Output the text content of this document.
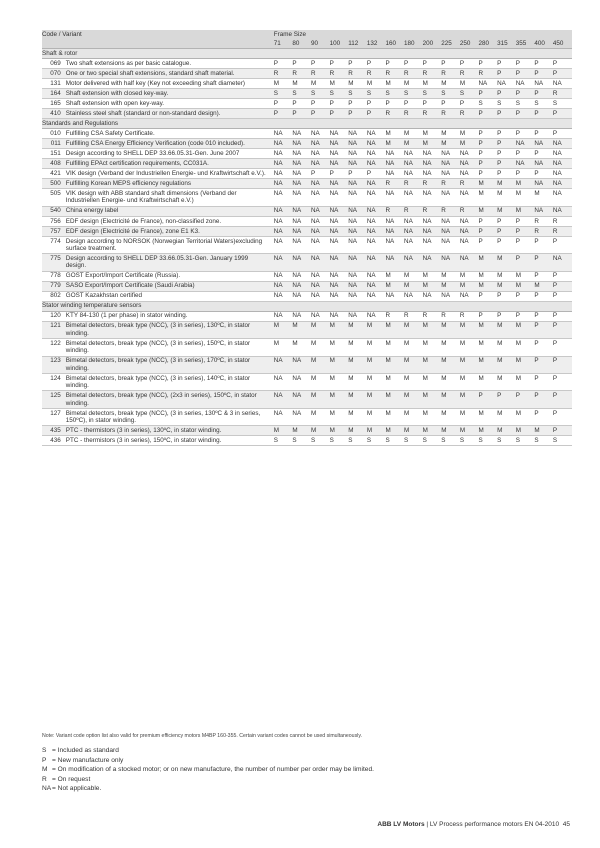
Code / Variant		Frame Size															
		71	80	90	100	112	132	160	180	200	225	250	280	315	355	400	450
Shaft & rotor																	
069	Two shaft extensions as per basic catalogue.	P	P	P	P	P	P	P	P	P	P	P	P	P	P	P	P
070	One or two special shaft extensions, standard shaft material.	R	R	R	R	R	R	R	R	R	R	R	R	P	P	P	P
131	Motor delivered with half key (Key not exceeding shaft diameter)	M	M	M	M	M	M	M	M	M	M	M	NA	NA	NA	NA	NA
164	Shaft extension with closed key-way.	S	S	S	S	S	S	S	S	S	S	S	P	P	P	P	R
165	Shaft extension with open key-way.	P	P	P	P	P	P	P	P	P	P	P	S	S	S	S	S
410	Stainless steel shaft (standard or non-standard design).	P	P	P	P	P	P	R	R	R	R	R	P	P	P	P	P
Standards and Regulations																	
010	Fulfilling CSA Safety Certificate.	NA	NA	NA	NA	NA	NA	M	M	M	M	M	P	P	P	P	P
011	Fulfilling CSA Energy Efficiency Verification (code 010 included).	NA	NA	NA	NA	NA	NA	M	M	M	M	M	P	P	NA	NA	NA
151	Design according to SHELL DEP 33.66.05.31-Gen. June 2007	NA	NA	NA	NA	NA	NA	NA	NA	NA	NA	NA	P	P	P	P	NA
408	Fulfilling EPAct certification requirements, CC031A.	NA	NA	NA	NA	NA	NA	NA	NA	NA	NA	NA	P	P	NA	NA	NA
421	VIK design (Verband der Industriellen Energie- und Kraftwirtschaft e.V.).	NA	NA	P	P	P	P	NA	NA	NA	NA	NA	P	P	P	P	NA
500	Fulfilling Korean MEPS efficiency regulations	NA	NA	NA	NA	NA	NA	R	R	R	R	R	M	M	M	NA	NA
505	VIK design with ABB standard shaft dimensions (Verband der Industriellen Energie- und Kraftwirtschaft e.V.)	NA	NA	NA	NA	NA	NA	NA	NA	NA	NA	NA	M	M	M	M	NA
540	China energy label	NA	NA	NA	NA	NA	NA	R	R	R	R	R	M	M	M	NA	NA
756	EDF design (Electricité de France), non-classified zone.	NA	NA	NA	NA	NA	NA	NA	NA	NA	NA	NA	P	P	P	R	R
757	EDF design (Electricité de France), zone E1 K3.	NA	NA	NA	NA	NA	NA	NA	NA	NA	NA	NA	P	P	P	R	R
774	Design according to NORSOK (Norwegian Territorial Waters)excluding surface treatment.	NA	NA	NA	NA	NA	NA	NA	NA	NA	NA	NA	P	P	P	P	P
775	Design according to SHELL DEP 33.66.05.31-Gen. January 1999 design.	NA	NA	NA	NA	NA	NA	NA	NA	NA	NA	NA	M	M	P	P	NA
778	GOST Export/Import Certificate (Russia).	NA	NA	NA	NA	NA	NA	M	M	M	M	M	M	M	M	P	P
779	SASO Export/Import Certificate (Saudi Arabia)	NA	NA	NA	NA	NA	NA	M	M	M	M	M	M	M	M	M	P
802	GOST Kazakhstan certified	NA	NA	NA	NA	NA	NA	NA	NA	NA	NA	NA	P	P	P	P	P
Stator winding temperature sensors																	
120	KTY 84-130 (1 per phase) in stator winding.	NA	NA	NA	NA	NA	NA	R	R	R	R	R	P	P	P	P	P
121	Bimetal detectors, break type (NCC), (3 in series), 130ºC, in stator winding.	M	M	M	M	M	M	M	M	M	M	M	M	M	M	P	P
122	Bimetal detectors, break type (NCC), (3 in series), 150ºC, in stator winding.	M	M	M	M	M	M	M	M	M	M	M	M	M	M	P	P
123	Bimetal detectors, break type (NCC), (3 in series), 170ºC, in stator winding.	NA	NA	M	M	M	M	M	M	M	M	M	M	M	M	P	P
124	Bimetal detectors, break type (NCC), (3 in series), 140ºC, in stator winding.	NA	NA	M	M	M	M	M	M	M	M	M	M	M	M	P	P
125	Bimetal detectors, break type (NCC), (2x3 in series), 150ºC, in stator winding.	NA	NA	M	M	M	M	M	M	M	M	M	P	P	P	P	P
127	Bimetal detectors, break type (NCC), (3 in series, 130ºC & 3 in series, 150ºC), in stator winding.	NA	NA	M	M	M	M	M	M	M	M	M	M	M	M	P	P
435	PTC - thermistors (3 in series), 130ºC, in stator winding.	M	M	M	M	M	M	M	M	M	M	M	M	M	M	M	P
436	PTC - thermistors (3 in series), 150ºC, in stator winding.	S	S	S	S	S	S	S	S	S	S	S	S	S	S	S	S
Note: Variant code option list also valid for premium efficiency motors M4BP 160-355. Certain variant codes cannot be used simultaneously.
S = Included as standard
P = New manufacture only
M = On modification of a stocked motor; or on new manufacture, the number of number per order may be limited.
R = On request
NA= Not applicable.
ABB LV Motors | LV Process performance motors EN 04-2010 45
